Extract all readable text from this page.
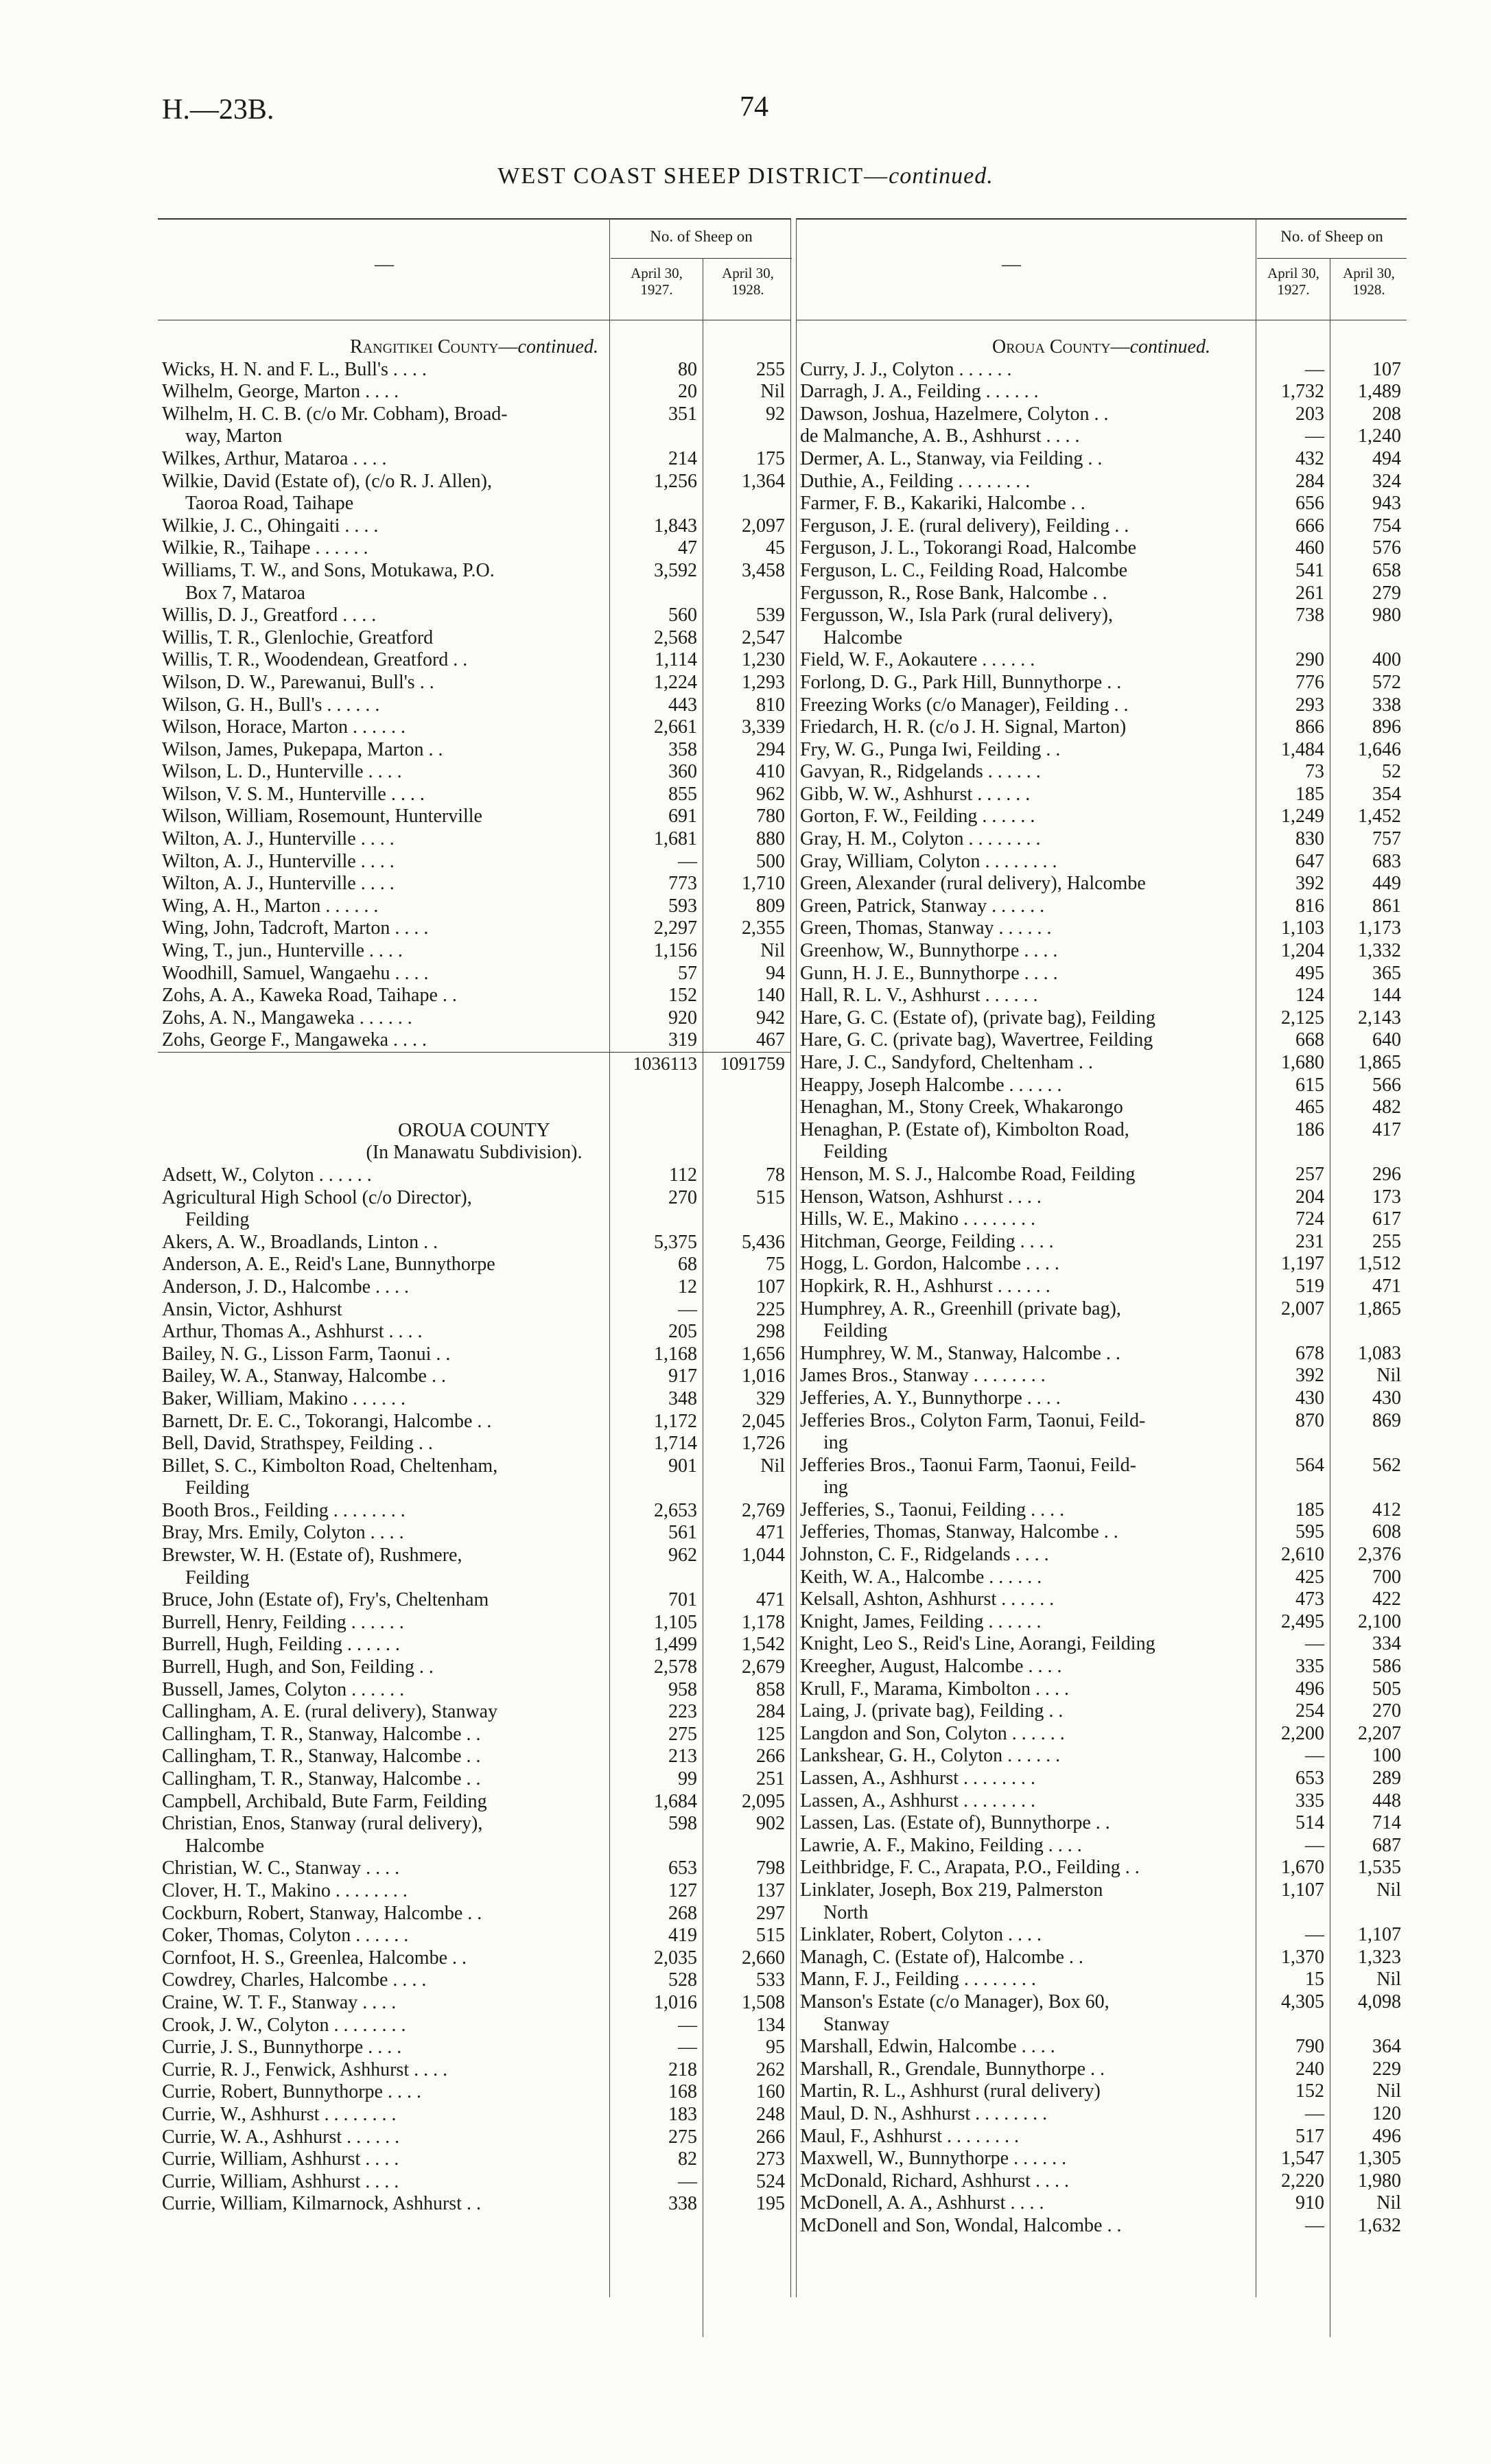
H.—23B.	74
WEST COAST SHEEP DISTRICT—continued.
—
No. of Sheep on
April 30,
1927.
April 30,
1928.
Rangitikei County—continued.
Wicks, H. N. and F. L., Bull's . . . .	80	255
Wilhelm, George, Marton . . . .	20	Nil
Wilhelm, H. C. B. (c/o Mr. Cobham), Broad-	351	92
way, Marton
Wilkes, Arthur, Mataroa . . . .	214	175
Wilkie, David (Estate of), (c/o R. J. Allen),	1,256 1,364
Taoroa Road, Taihape
Wilkie, J. C., Ohingaiti . . . .	1,843 2,097
Wilkie, R., Taihape . . . . . .	47	45
Williams, T. W., and Sons, Motukawa, P.O.	3,592 3,458
Box 7, Mataroa
Willis, D. J., Greatford . . . .	560	539
Willis, T. R., Glenlochie, Greatford	2,568 2,547
Willis, T. R., Woodendean, Greatford . .	1,114 1,230
Wilson, D. W., Parewanui, Bull's . .	1,224 1,293
Wilson, G. H., Bull's . . . . . .	443	810
Wilson, Horace, Marton . . . . . .	2,661 3,339
Wilson, James, Pukepapa, Marton . .	358	294
Wilson, L. D., Hunterville . . . .	360	410
Wilson, V. S. M., Hunterville . . . .	855	962
Wilson, William, Rosemount, Hunterville	691	780
Wilton, A. J., Hunterville . . . .	1,681	880
Wilton, A. J., Hunterville . . . .	—	500
Wilton, A. J., Hunterville . . . .	773 1,710
Wing, A. H., Marton . . . . . .	593	809
Wing, John, Tadcroft, Marton . . . .	2,297 2,355
Wing, T., jun., Hunterville . . . .	1,156	Nil
Woodhill, Samuel, Wangaehu . . . .	57	94
Zohs, A. A., Kaweka Road, Taihape . .	152	140
Zohs, A. N., Mangaweka . . . . . .	920	942
Zohs, George F., Mangaweka . . . .	319	467
1036113 1091759
OROUA COUNTY
(In Manawatu Subdivision).
Adsett, W., Colyton . . . . . .	112	78
Agricultural High School (c/o Director),	270	515
Feilding
Akers, A. W., Broadlands, Linton . .	5,375 5,436
Anderson, A. E., Reid's Lane, Bunnythorpe	68	75
Anderson, J. D., Halcombe . . . .	12	107
Ansin, Victor, Ashhurst	—	225
Arthur, Thomas A., Ashhurst . . . .	205	298
Bailey, N. G., Lisson Farm, Taonui . .	1,168 1,656
Bailey, W. A., Stanway, Halcombe . .	917 1,016
Baker, William, Makino . . . . . .	348	329
Barnett, Dr. E. C., Tokorangi, Halcombe . .	1,172 2,045
Bell, David, Strathspey, Feilding . .	1,714 1,726
Billet, S. C., Kimbolton Road, Cheltenham,	901	Nil
Feilding
Booth Bros., Feilding . . . . . . . .	2,653 2,769
Bray, Mrs. Emily, Colyton . . . .	561	471
Brewster, W. H. (Estate of), Rushmere,	962 1,044
Feilding
Bruce, John (Estate of), Fry's, Cheltenham	701	471
Burrell, Henry, Feilding . . . . . .	1,105 1,178
Burrell, Hugh, Feilding . . . . . .	1,499 1,542
Burrell, Hugh, and Son, Feilding . .	2,578 2,679
Bussell, James, Colyton . . . . . .	958	858
Callingham, A. E. (rural delivery), Stanway	223	284
Callingham, T. R., Stanway, Halcombe . .	275	125
Callingham, T. R., Stanway, Halcombe . .	213	266
Callingham, T. R., Stanway, Halcombe . .	99	251
Campbell, Archibald, Bute Farm, Feilding	1,684 2,095
Christian, Enos, Stanway (rural delivery),	598	902
Halcombe
Christian, W. C., Stanway . . . .	653	798
Clover, H. T., Makino . . . . . . . .	127	137
Cockburn, Robert, Stanway, Halcombe . .	268	297
Coker, Thomas, Colyton . . . . . .	419	515
Cornfoot, H. S., Greenlea, Halcombe . .	2,035 2,660
Cowdrey, Charles, Halcombe . . . .	528	533
Craine, W. T. F., Stanway . . . .	1,016 1,508
Crook, J. W., Colyton . . . . . . . .	—	134
Currie, J. S., Bunnythorpe . . . .	—	95
Currie, R. J., Fenwick, Ashhurst . . . .	218	262
Currie, Robert, Bunnythorpe . . . .	168	160
Currie, W., Ashhurst . . . . . . . .	183	248
Currie, W. A., Ashhurst . . . . . .	275	266
Currie, William, Ashhurst . . . .	82	273
Currie, William, Ashhurst . . . .	—	524
Currie, William, Kilmarnock, Ashhurst . .	338	195
—
No. of Sheep on
April 30,
1927.
April 30,
1928.
Oroua County—continued.
Curry, J. J., Colyton . . . . . .	—	107
Darragh, J. A., Feilding . . . . . .	1,732 1,489
Dawson, Joshua, Hazelmere, Colyton . .	203	208
de Malmanche, A. B., Ashhurst . . . .	— 1,240
Dermer, A. L., Stanway, via Feilding . .	432	494
Duthie, A., Feilding . . . . . . . .	284	324
Farmer, F. B., Kakariki, Halcombe . .	656	943
Ferguson, J. E. (rural delivery), Feilding . .	666	754
Ferguson, J. L., Tokorangi Road, Halcombe	460	576
Ferguson, L. C., Feilding Road, Halcombe	541	658
Fergusson, R., Rose Bank, Halcombe . .	261	279
Fergusson, W., Isla Park (rural delivery),	738	980
Halcombe
Field, W. F., Aokautere . . . . . .	290	400
Forlong, D. G., Park Hill, Bunnythorpe . .	776	572
Freezing Works (c/o Manager), Feilding . .	293	338
Friedarch, H. R. (c/o J. H. Signal, Marton)	866	896
Fry, W. G., Punga Iwi, Feilding . .	1,484 1,646
Gavyan, R., Ridgelands . . . . . .	73	52
Gibb, W. W., Ashhurst . . . . . .	185	354
Gorton, F. W., Feilding . . . . . .	1,249 1,452
Gray, H. M., Colyton . . . . . . . .	830	757
Gray, William, Colyton . . . . . . . .	647	683
Green, Alexander (rural delivery), Halcombe	392	449
Green, Patrick, Stanway . . . . . .	816	861
Green, Thomas, Stanway . . . . . .	1,103 1,173
Greenhow, W., Bunnythorpe . . . .	1,204 1,332
Gunn, H. J. E., Bunnythorpe . . . .	495	365
Hall, R. L. V., Ashhurst . . . . . .	124	144
Hare, G. C. (Estate of), (private bag), Feilding	2,125 2,143
Hare, G. C. (private bag), Wavertree, Feilding	668	640
Hare, J. C., Sandyford, Cheltenham . .	1,680 1,865
Heappy, Joseph Halcombe . . . . . .	615	566
Henaghan, M., Stony Creek, Whakarongo	465	482
Henaghan, P. (Estate of), Kimbolton Road,	186	417
Feilding
Henson, M. S. J., Halcombe Road, Feilding	257	296
Henson, Watson, Ashhurst . . . .	204	173
Hills, W. E., Makino . . . . . . . .	724	617
Hitchman, George, Feilding . . . .	231	255
Hogg, L. Gordon, Halcombe . . . .	1,197 1,512
Hopkirk, R. H., Ashhurst . . . . . .	519	471
Humphrey, A. R., Greenhill (private bag),	2,007 1,865
Feilding
Humphrey, W. M., Stanway, Halcombe . .	678 1,083
James Bros., Stanway . . . . . . . .	392	Nil
Jefferies, A. Y., Bunnythorpe . . . .	430	430
Jefferies Bros., Colyton Farm, Taonui, Feild-	870	869
ing
Jefferies Bros., Taonui Farm, Taonui, Feild-	564	562
ing
Jefferies, S., Taonui, Feilding . . . .	185	412
Jefferies, Thomas, Stanway, Halcombe . .	595	608
Johnston, C. F., Ridgelands . . . .	2,610 2,376
Keith, W. A., Halcombe . . . . . .	425	700
Kelsall, Ashton, Ashhurst . . . . . .	473	422
Knight, James, Feilding . . . . . .	2,495 2,100
Knight, Leo S., Reid's Line, Aorangi, Feilding	—	334
Kreegher, August, Halcombe . . . .	335	586
Krull, F., Marama, Kimbolton . . . .	496	505
Laing, J. (private bag), Feilding . .	254	270
Langdon and Son, Colyton . . . . . .	2,200 2,207
Lankshear, G. H., Colyton . . . . . .	—	100
Lassen, A., Ashhurst . . . . . . . .	653	289
Lassen, A., Ashhurst . . . . . . . .	335	448
Lassen, Las. (Estate of), Bunnythorpe . .	514	714
Lawrie, A. F., Makino, Feilding . . . .	—	687
Leithbridge, F. C., Arapata, P.O., Feilding . .	1,670 1,535
Linklater, Joseph, Box 219, Palmerston	1,107	Nil
North
Linklater, Robert, Colyton . . . .	— 1,107
Managh, C. (Estate of), Halcombe . .	1,370 1,323
Mann, F. J., Feilding . . . . . . . .	15	Nil
Manson's Estate (c/o Manager), Box 60,	4,305 4,098
Stanway
Marshall, Edwin, Halcombe . . . .	790	364
Marshall, R., Grendale, Bunnythorpe . .	240	229
Martin, R. L., Ashhurst (rural delivery)	152	Nil
Maul, D. N., Ashhurst . . . . . . . .	—	120
Maul, F., Ashhurst . . . . . . . .	517	496
Maxwell, W., Bunnythorpe . . . . . .	1,547 1,305
McDonald, Richard, Ashhurst . . . .	2,220 1,980
McDonell, A. A., Ashhurst . . . .	910	Nil
McDonell and Son, Wondal, Halcombe . .	— 1,632
